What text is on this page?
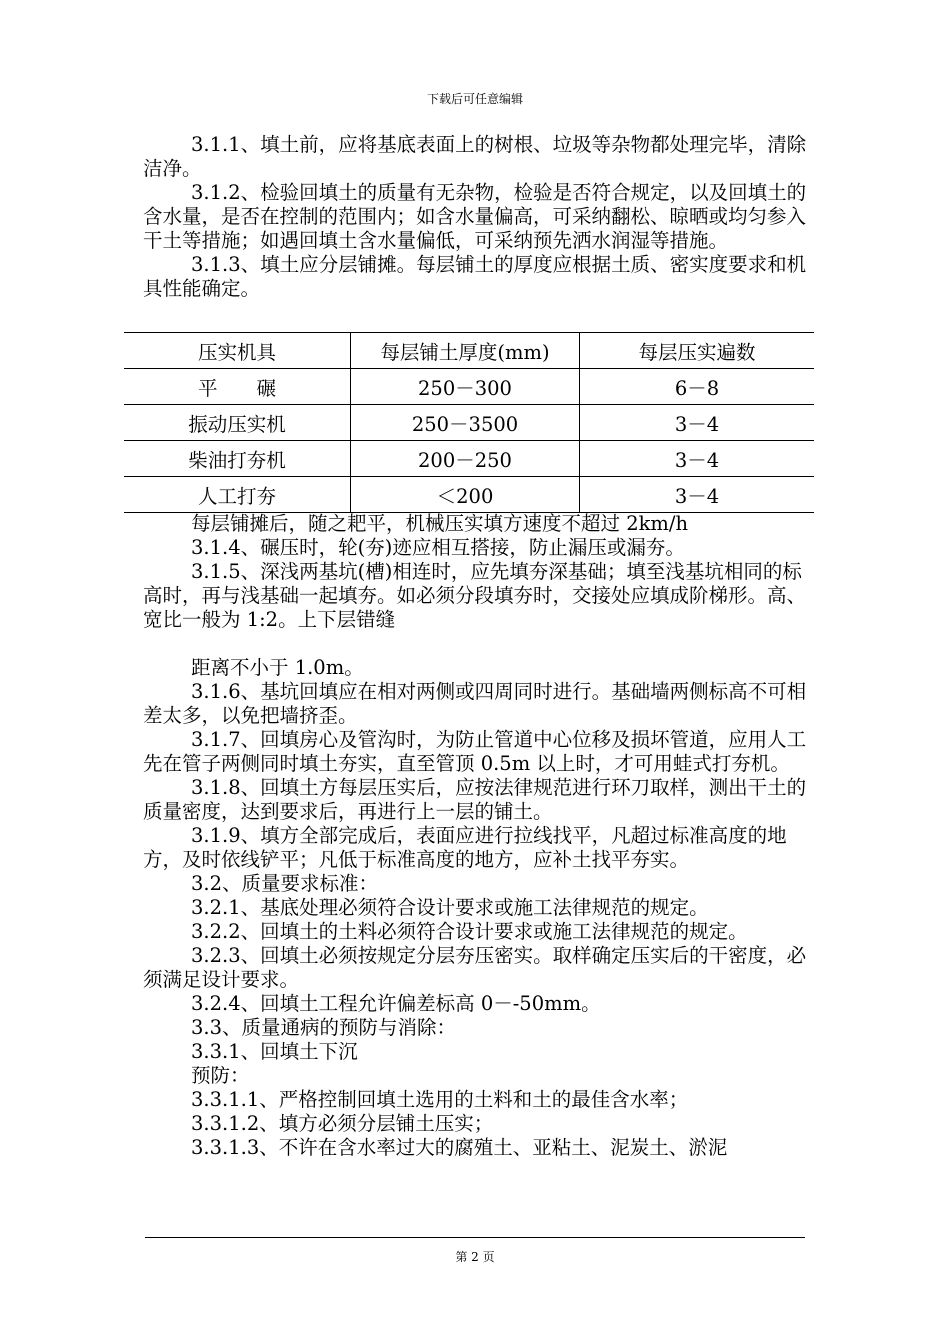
下载后可任意编辑

3.1.1、填土前，应将基底表面上的树根、垃圾等杂物都处理完毕，清除洁净。

3.1.2、检验回填土的质量有无杂物，检验是否符合规定，以及回填土的含水量，是否在控制的范围内；如含水量偏高，可采纳翻松、晾晒或均匀参入干土等措施；如遇回填土含水量偏低，可采纳预先洒水润湿等措施。

3.1.3、填土应分层铺摊。每层铺土的厚度应根据土质、密实度要求和机具性能确定。

压实机具	每层铺土厚度(mm)	每层压实遍数
平　　碾	250－300	6－8
振动压实机	250－3500	3－4
柴油打夯机	200－250	3－4
人工打夯	＜200	3－4

每层铺摊后，随之耙平，机械压实填方速度不超过 2km/h

3.1.4、碾压时，轮(夯)迹应相互搭接，防止漏压或漏夯。

3.1.5、深浅两基坑(槽)相连时，应先填夯深基础；填至浅基坑相同的标高时，再与浅基础一起填夯。如必须分段填夯时，交接处应填成阶梯形。高、宽比一般为 1:2。上下层错缝

距离不小于 1.0m。

3.1.6、基坑回填应在相对两侧或四周同时进行。基础墙两侧标高不可相差太多，以免把墙挤歪。

3.1.7、回填房心及管沟时，为防止管道中心位移及损坏管道，应用人工先在管子两侧同时填土夯实，直至管顶 0.5m 以上时，才可用蛙式打夯机。

3.1.8、回填土方每层压实后，应按法律规范进行环刀取样，测出干土的质量密度，达到要求后，再进行上一层的铺土。

3.1.9、填方全部完成后，表面应进行拉线找平，凡超过标准高度的地方，及时依线铲平；凡低于标准高度的地方，应补土找平夯实。

3.2、质量要求标准：

3.2.1、基底处理必须符合设计要求或施工法律规范的规定。

3.2.2、回填土的土料必须符合设计要求或施工法律规范的规定。

3.2.3、回填土必须按规定分层夯压密实。取样确定压实后的干密度，必须满足设计要求。

3.2.4、回填土工程允许偏差标高 0－-50mm。

3.3、质量通病的预防与消除：

3.3.1、回填土下沉

预防：

3.3.1.1、严格控制回填土选用的土料和土的最佳含水率；

3.3.1.2、填方必须分层铺土压实；

3.3.1.3、不许在含水率过大的腐殖土、亚粘土、泥炭土、淤泥

第 2 页
